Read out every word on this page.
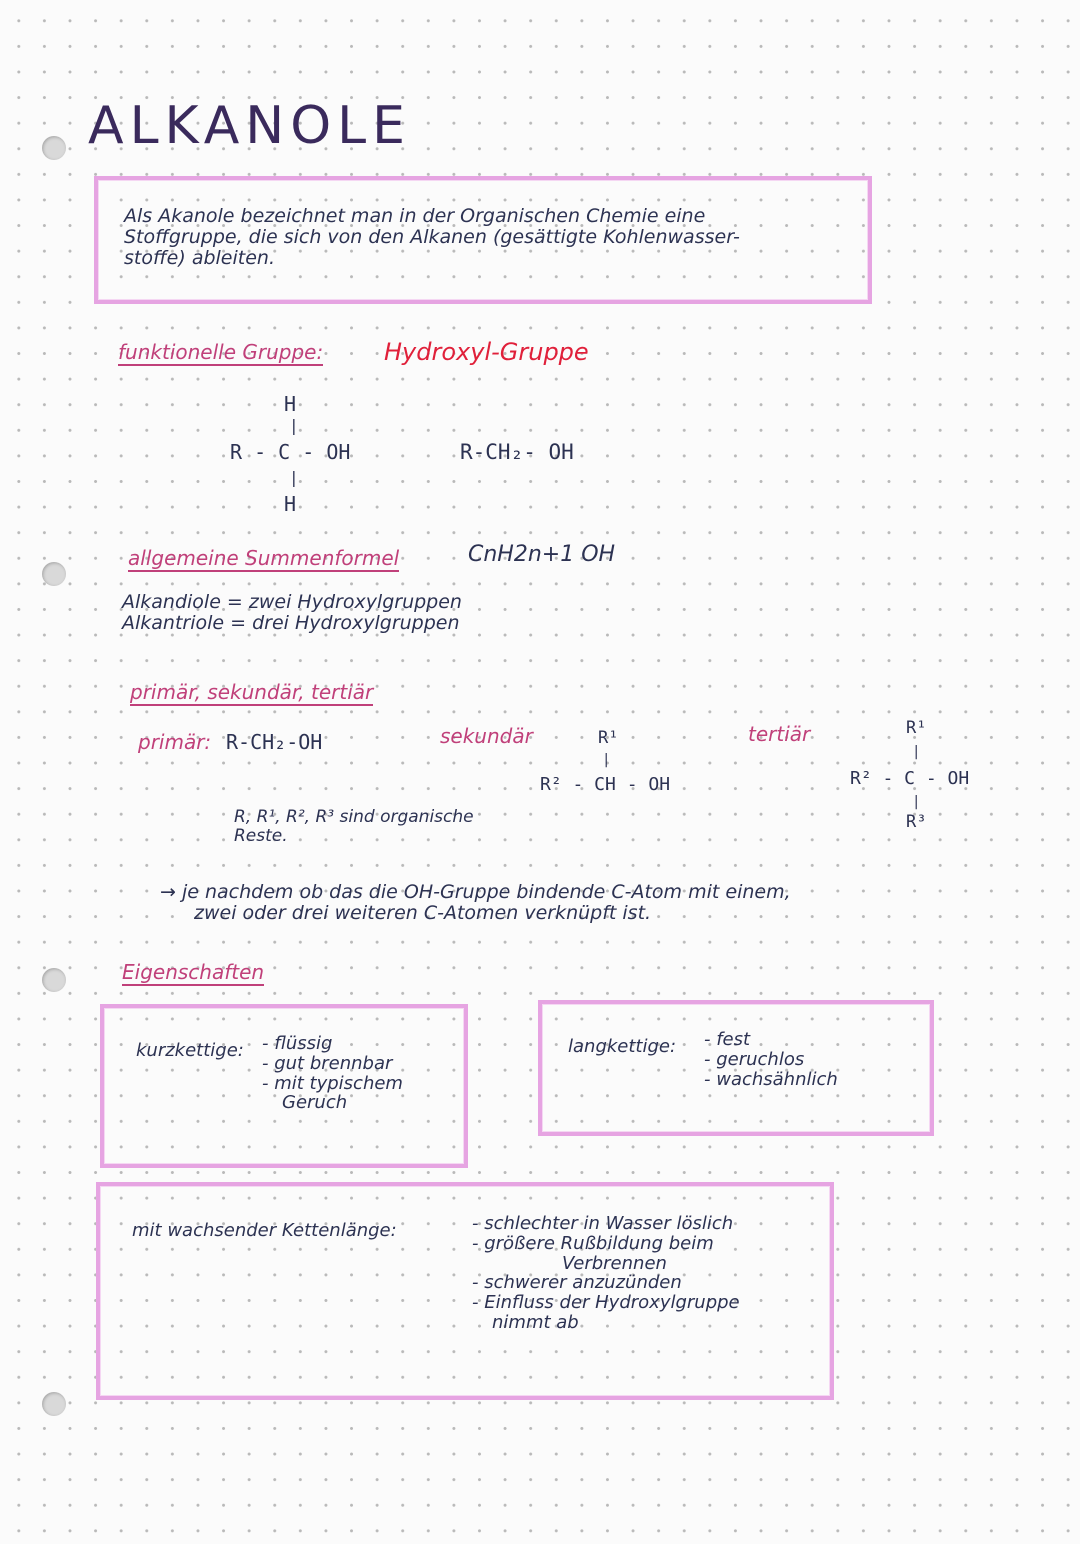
ALKANOLE
Als Akanole bezeichnet man in der Organischen Chemie eine
Stoffgruppe, die sich von den Alkanen (gesättigte Kohlenwasser-
stoffe) ableiten.
funktionelle Gruppe:	Hydroxyl-Gruppe
H
|
R - C - OH
|
H
R-CH₂- OH
allgemeine Summenformel	CnH2n+1 OH
Alkandiole = zwei Hydroxylgruppen
Alkantriole = drei Hydroxylgruppen
primär, sekundär, tertiär
primär: R-CH₂-OH	sekundär	R¹
|
R² - CH - OH
tertiär	R¹
|
R² - C - OH
|
R³
R, R¹, R², R³ sind organische
Reste.
→ je nachdem ob das die OH-Gruppe bindende C-Atom mit einem,
zwei oder drei weiteren C-Atomen verknüpft ist.
Eigenschaften
kurzkettige: - flüssig
- gut brennbar
- mit typischem
Geruch
langkettige: - fest
- geruchlos
- wachsähnlich
mit wachsender Kettenlänge:	- schlechter in Wasser löslich
- größere Rußbildung beim
Verbrennen
- schwerer anzuzünden
- Einfluss der Hydroxylgruppe
nimmt ab
